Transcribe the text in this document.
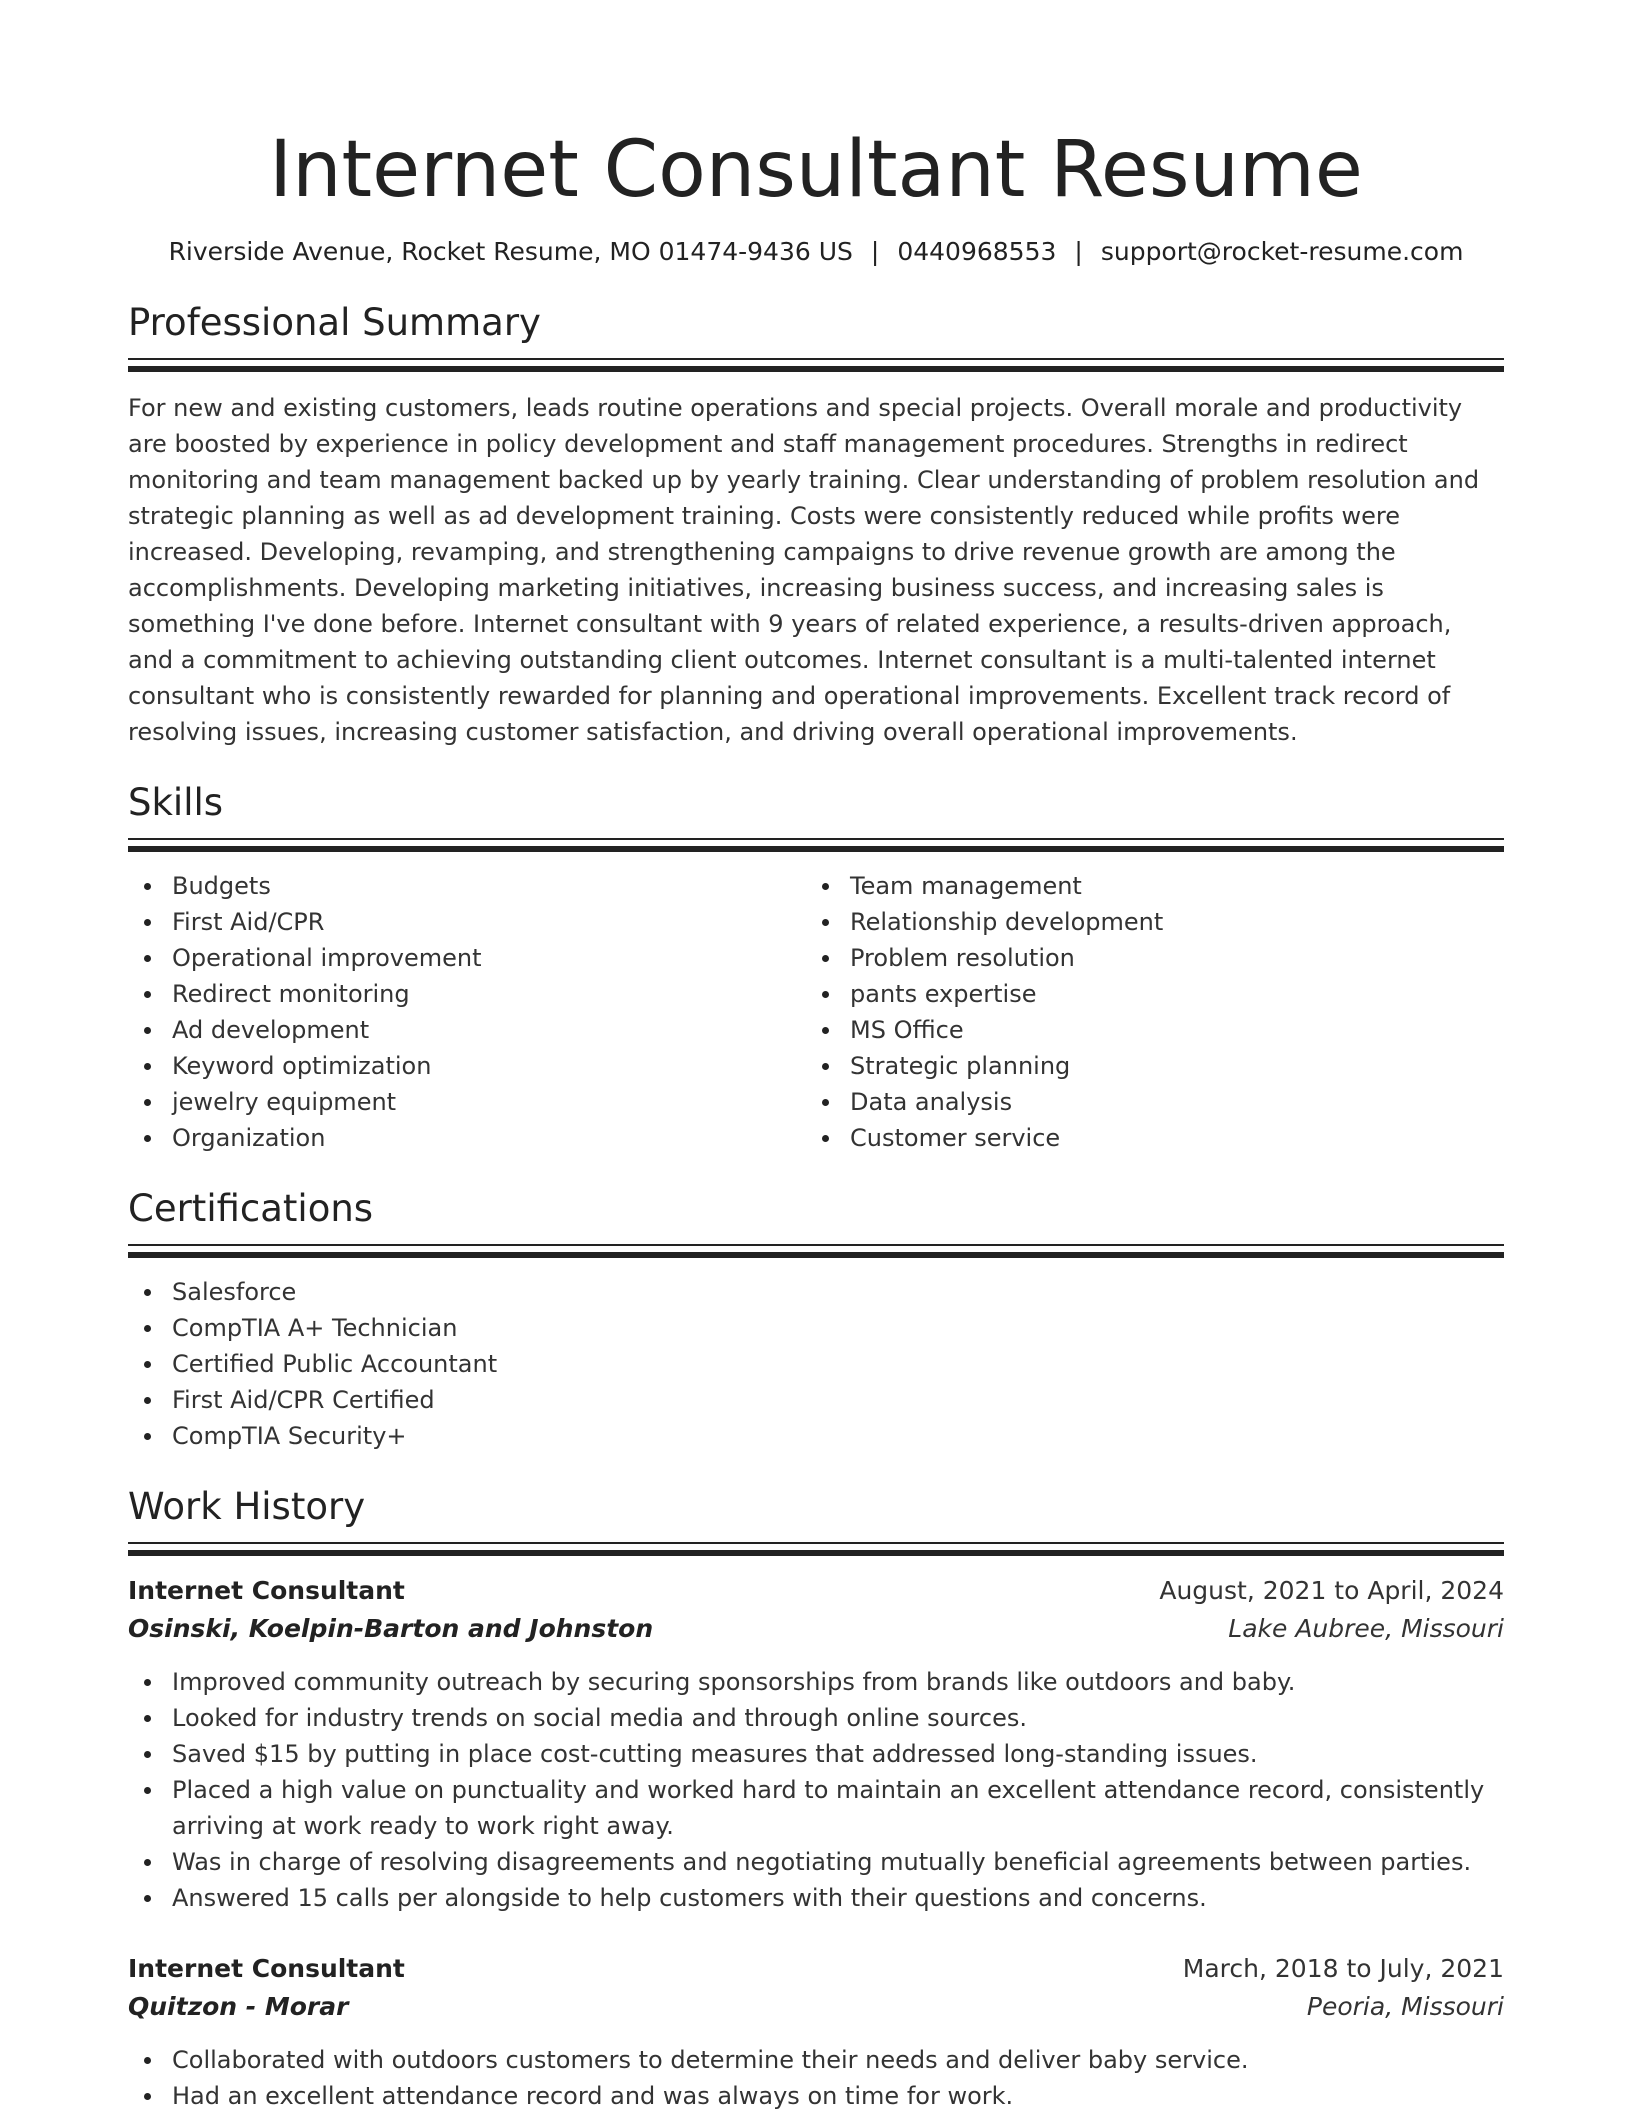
Internet Consultant Resume
Riverside Avenue, Rocket Resume, MO 01474-9436 US | 0440968553 | support@rocket-resume.com
Professional Summary

For new and existing customers, leads routine operations and special projects. Overall morale and productivity are boosted by experience in policy development and staff management procedures. Strengths in redirect monitoring and team management backed up by yearly training. Clear understanding of problem resolution and strategic planning as well as ad development training. Costs were consistently reduced while profits were increased. Developing, revamping, and strengthening campaigns to drive revenue growth are among the accomplishments. Developing marketing initiatives, increasing business success, and increasing sales is something I've done before. Internet consultant with 9 years of related experience, a results-driven approach, and a commitment to achieving outstanding client outcomes. Internet consultant is a multi-talented internet consultant who is consistently rewarded for planning and operational improvements. Excellent track record of resolving issues, increasing customer satisfaction, and driving overall operational improvements.

Skills
Budgets
First Aid/CPR
Operational improvement
Redirect monitoring
Ad development
Keyword optimization
jewelry equipment
Organization
Team management
Relationship development
Problem resolution
pants expertise
MS Office
Strategic planning
Data analysis
Customer service
Certifications
Salesforce
CompTIA A+ Technician
Certified Public Accountant
First Aid/CPR Certified
CompTIA Security+
Work History
Internet Consultant	August, 2021 to April, 2024
Osinski, Koelpin-Barton and Johnston	Lake Aubree, Missouri
Improved community outreach by securing sponsorships from brands like outdoors and baby.
Looked for industry trends on social media and through online sources.
Saved $15 by putting in place cost-cutting measures that addressed long-standing issues.
Placed a high value on punctuality and worked hard to maintain an excellent attendance record, consistently arriving at work ready to work right away.
Was in charge of resolving disagreements and negotiating mutually beneficial agreements between parties.
Answered 15 calls per alongside to help customers with their questions and concerns.
Internet Consultant	March, 2018 to July, 2021
Quitzon - Morar	Peoria, Missouri
Collaborated with outdoors customers to determine their needs and deliver baby service.
Had an excellent attendance record and was always on time for work.
